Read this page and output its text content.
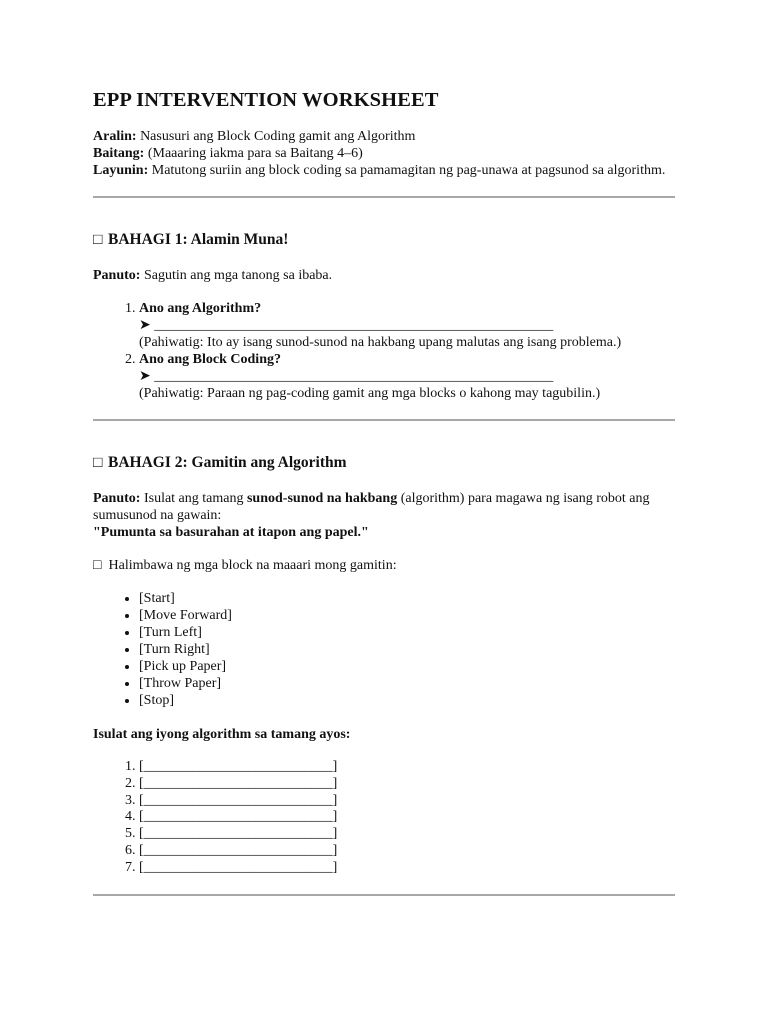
EPP INTERVENTION WORKSHEET

Aralin: Nasusuri ang Block Coding gamit ang Algorithm

Baitang: (Maaaring iakma para sa Baitang 4–6)

Layunin: Matutong suriin ang block coding sa pamamagitan ng pag-unawa at pagsunod sa algorithm.

□ BAHAGI 1: Alamin Muna!

Panuto: Sagutin ang mga tanong sa ibaba.

1. Ano ang Algorithm?
➤ _________________________________________________________
(Pahiwatig: Ito ay isang sunod-sunod na hakbang upang malutas ang isang problema.)
2. Ano ang Block Coding?
➤ _________________________________________________________
(Pahiwatig: Paraan ng pag-coding gamit ang mga blocks o kahong may tagubilin.)
□ BAHAGI 2: Gamitin ang Algorithm

Panuto: Isulat ang tamang sunod-sunod na hakbang (algorithm) para magawa ng isang robot ang sumusunod na gawain:

"Pumunta sa basurahan at itapon ang papel."

□ Halimbawa ng mga block na maaari mong gamitin:

• [Start]
• [Move Forward]
• [Turn Left]
• [Turn Right]
• [Pick up Paper]
• [Throw Paper]
• [Stop]

Isulat ang iyong algorithm sa tamang ayos:

1. [___________________________]
2. [___________________________]
3. [___________________________]
4. [___________________________]
5. [___________________________]
6. [___________________________]
7. [___________________________]
